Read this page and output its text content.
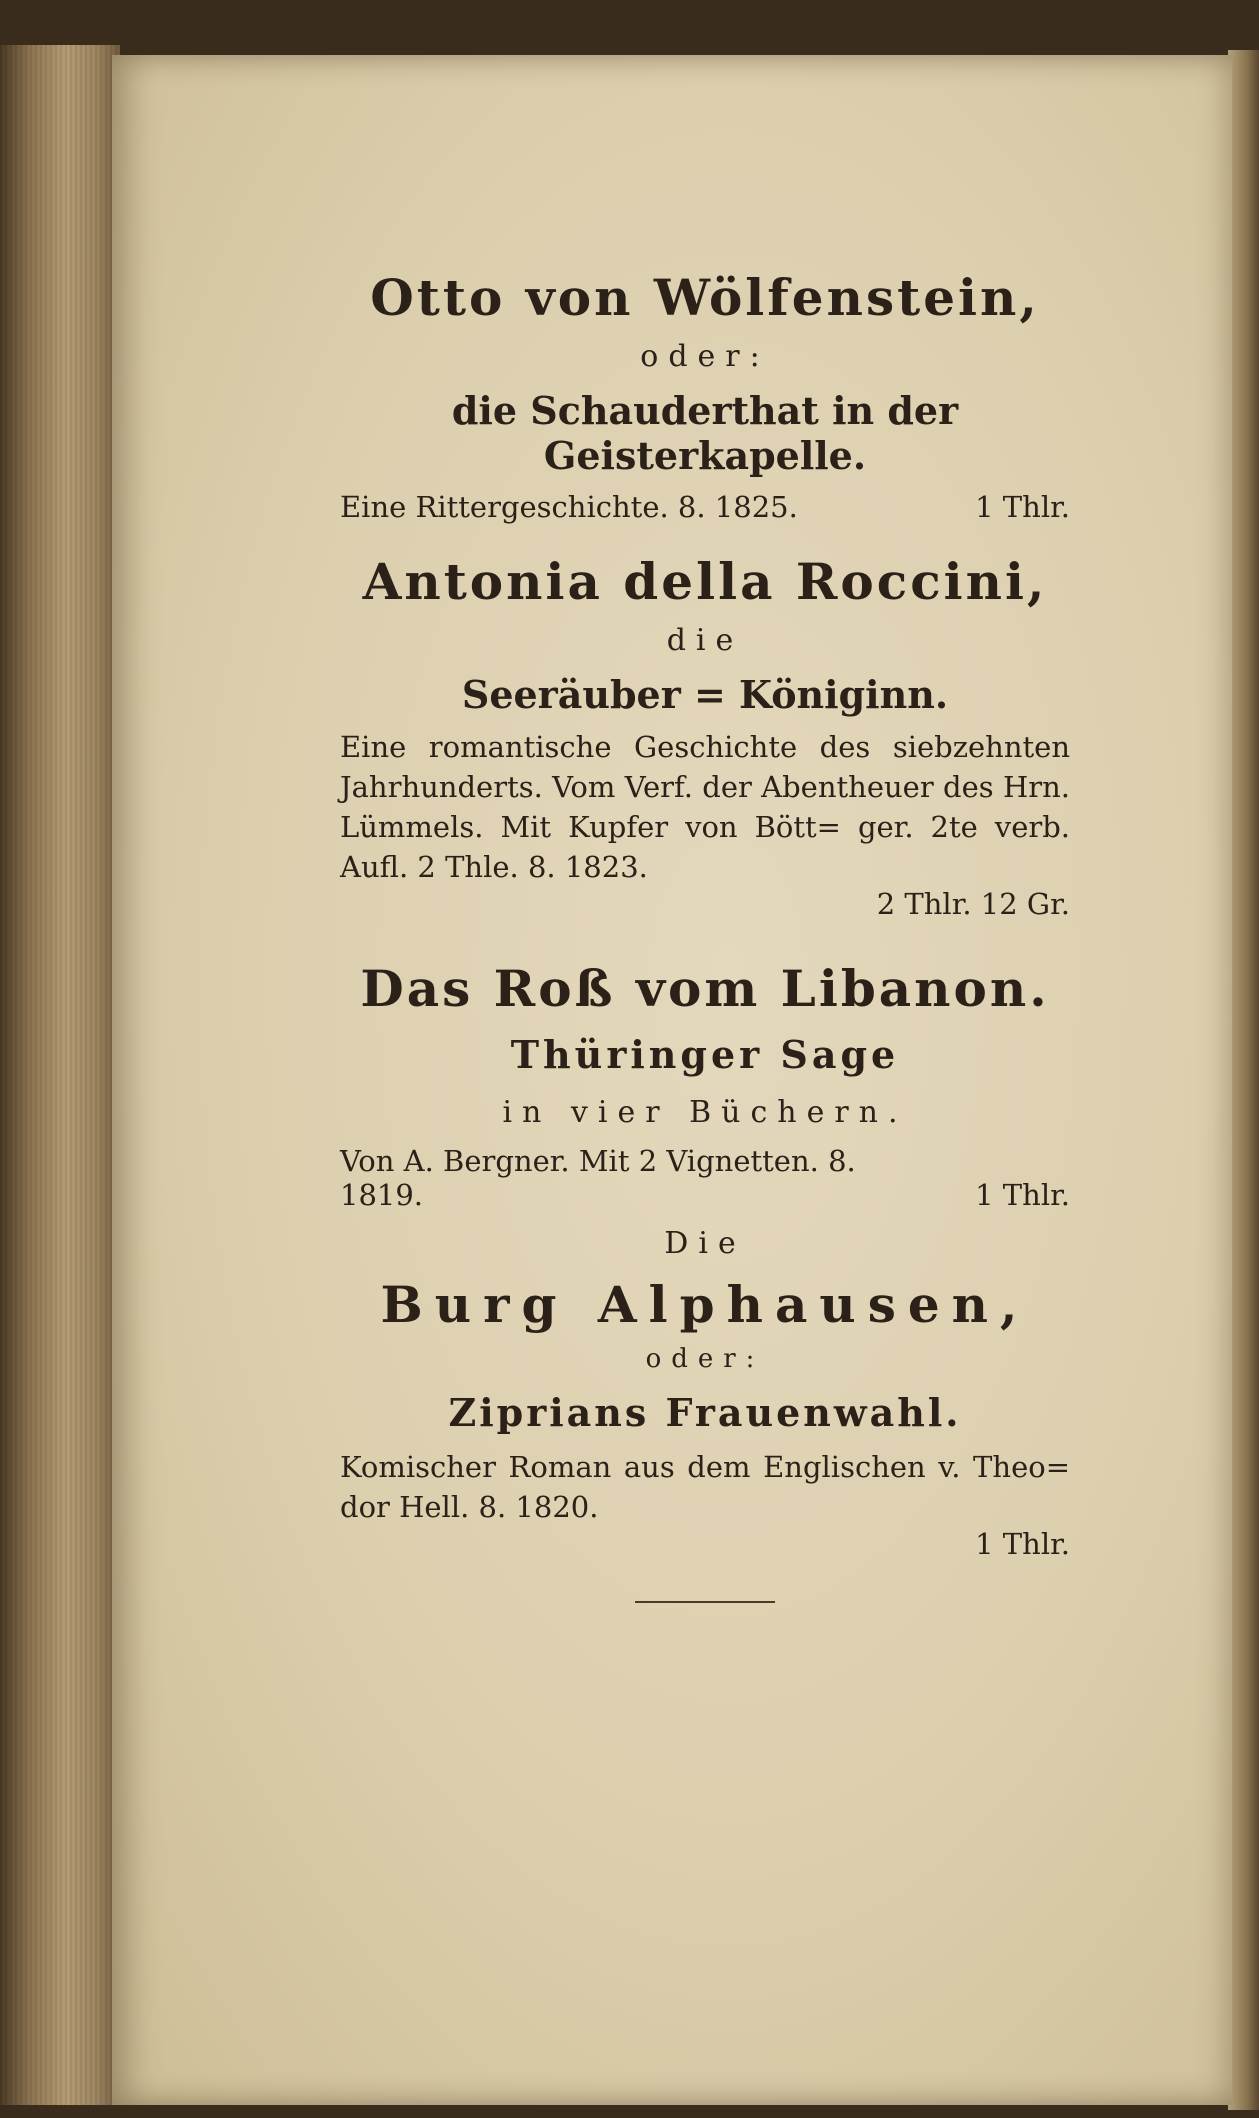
Otto von Wölfenstein,
oder:
die Schauderthat in der Geisterkapelle.
Eine Rittergeschichte. 8. 1825.	1 Thlr.
Antonia della Roccini,
die
Seeräuber = Königinn.
Eine romantische Geschichte des siebzehnten Jahrhunderts. Vom Verf. der Abentheuer des Hrn. Lümmels. Mit Kupfer von Bött= ger. 2te verb. Aufl. 2 Thle. 8. 1823.
2 Thlr. 12 Gr.
Das Roß vom Libanon.
Thüringer Sage
in vier Büchern.
Von A. Bergner. Mit 2 Vignetten. 8.
1819.	1 Thlr.
Die
Burg Alphausen,
oder:
Ziprians Frauenwahl.
Komischer Roman aus dem Englischen v. Theo= dor Hell. 8. 1820.
1 Thlr.
